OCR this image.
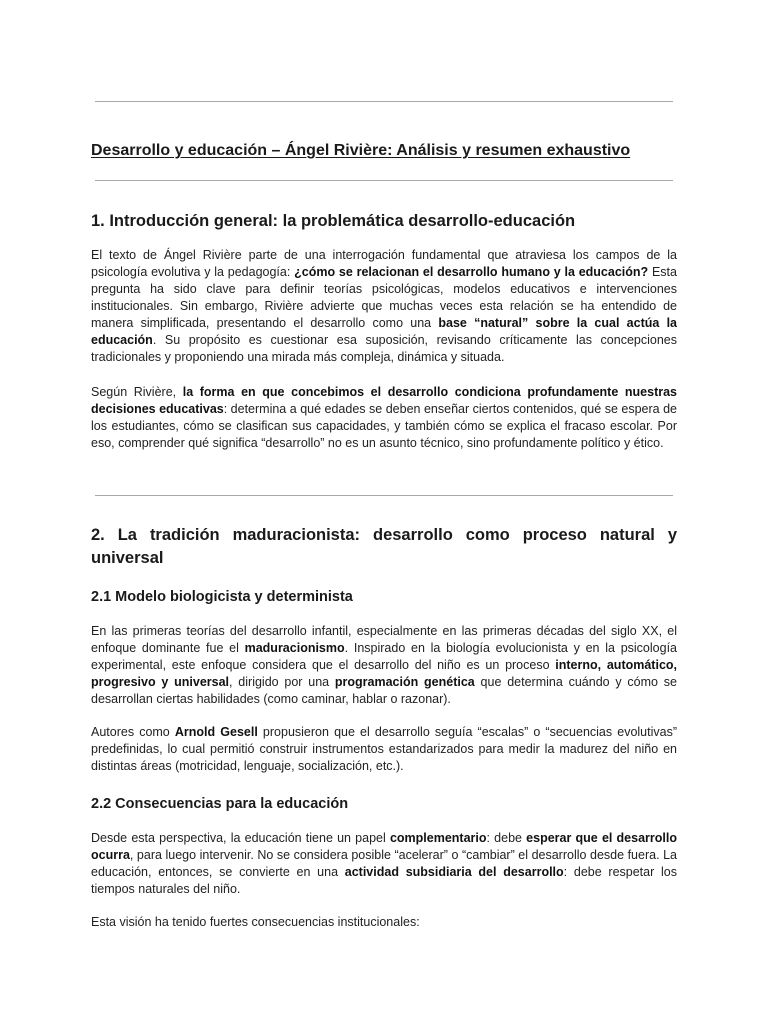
Desarrollo y educación – Ángel Rivière: Análisis y resumen exhaustivo
1. Introducción general: la problemática desarrollo-educación

El texto de Ángel Rivière parte de una interrogación fundamental que atraviesa los campos de la psicología evolutiva y la pedagogía: ¿cómo se relacionan el desarrollo humano y la educación? Esta pregunta ha sido clave para definir teorías psicológicas, modelos educativos e intervenciones institucionales. Sin embargo, Rivière advierte que muchas veces esta relación se ha entendido de manera simplificada, presentando el desarrollo como una base “natural” sobre la cual actúa la educación. Su propósito es cuestionar esa suposición, revisando críticamente las concepciones tradicionales y proponiendo una mirada más compleja, dinámica y situada.

Según Rivière, la forma en que concebimos el desarrollo condiciona profundamente nuestras decisiones educativas: determina a qué edades se deben enseñar ciertos contenidos, qué se espera de los estudiantes, cómo se clasifican sus capacidades, y también cómo se explica el fracaso escolar. Por eso, comprender qué significa “desarrollo” no es un asunto técnico, sino profundamente político y ético.

2. La tradición maduracionista: desarrollo como proceso natural y universal
2.1 Modelo biologicista y determinista

En las primeras teorías del desarrollo infantil, especialmente en las primeras décadas del siglo XX, el enfoque dominante fue el maduracionismo. Inspirado en la biología evolucionista y en la psicología experimental, este enfoque considera que el desarrollo del niño es un proceso interno, automático, progresivo y universal, dirigido por una programación genética que determina cuándo y cómo se desarrollan ciertas habilidades (como caminar, hablar o razonar).

Autores como Arnold Gesell propusieron que el desarrollo seguía “escalas” o “secuencias evolutivas” predefinidas, lo cual permitió construir instrumentos estandarizados para medir la madurez del niño en distintas áreas (motricidad, lenguaje, socialización, etc.).

2.2 Consecuencias para la educación

Desde esta perspectiva, la educación tiene un papel complementario: debe esperar que el desarrollo ocurra, para luego intervenir. No se considera posible “acelerar” o “cambiar” el desarrollo desde fuera. La educación, entonces, se convierte en una actividad subsidiaria del desarrollo: debe respetar los tiempos naturales del niño.

Esta visión ha tenido fuertes consecuencias institucionales:
